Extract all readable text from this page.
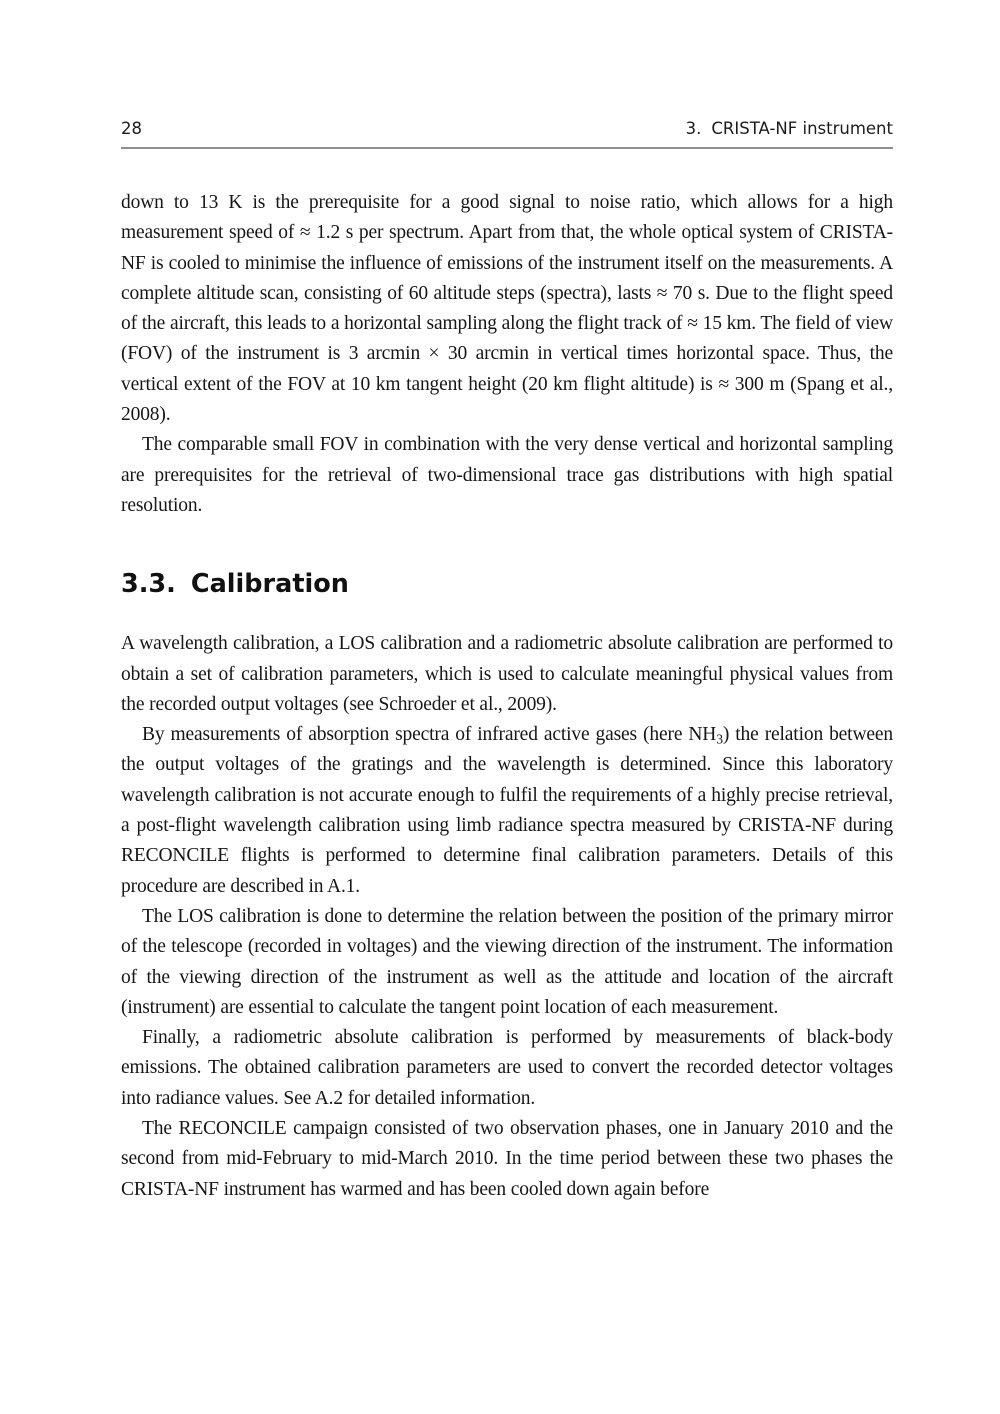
28	3. CRISTA-NF instrument

down to 13 K is the prerequisite for a good signal to noise ratio, which allows for a high measurement speed of ≈ 1.2 s per spectrum. Apart from that, the whole optical system of CRISTA-NF is cooled to minimise the influence of emissions of the instrument itself on the measurements. A complete altitude scan, consisting of 60 altitude steps (spectra), lasts ≈ 70 s. Due to the flight speed of the aircraft, this leads to a horizontal sampling along the flight track of ≈ 15 km. The field of view (FOV) of the instrument is 3 arcmin × 30 arcmin in vertical times horizontal space. Thus, the vertical extent of the FOV at 10 km tangent height (20 km flight altitude) is ≈ 300 m (Spang et al., 2008).

The comparable small FOV in combination with the very dense vertical and horizontal sampling are prerequisites for the retrieval of two-dimensional trace gas distributions with high spatial resolution.

3.3. Calibration

A wavelength calibration, a LOS calibration and a radiometric absolute calibration are performed to obtain a set of calibration parameters, which is used to calculate meaningful physical values from the recorded output voltages (see Schroeder et al., 2009).

By measurements of absorption spectra of infrared active gases (here $NH_3$) the relation between the output voltages of the gratings and the wavelength is determined. Since this laboratory wavelength calibration is not accurate enough to fulfil the requirements of a highly precise retrieval, a post-flight wavelength calibration using limb radiance spectra measured by CRISTA-NF during RECONCILE flights is performed to determine final calibration parameters. Details of this procedure are described in A.1.

The LOS calibration is done to determine the relation between the position of the primary mirror of the telescope (recorded in voltages) and the viewing direction of the instrument. The information of the viewing direction of the instrument as well as the attitude and location of the aircraft (instrument) are essential to calculate the tangent point location of each measurement.

Finally, a radiometric absolute calibration is performed by measurements of black-body emissions. The obtained calibration parameters are used to convert the recorded detector voltages into radiance values. See A.2 for detailed information.

The RECONCILE campaign consisted of two observation phases, one in January 2010 and the second from mid-February to mid-March 2010. In the time period between these two phases the CRISTA-NF instrument has warmed and has been cooled down again before
